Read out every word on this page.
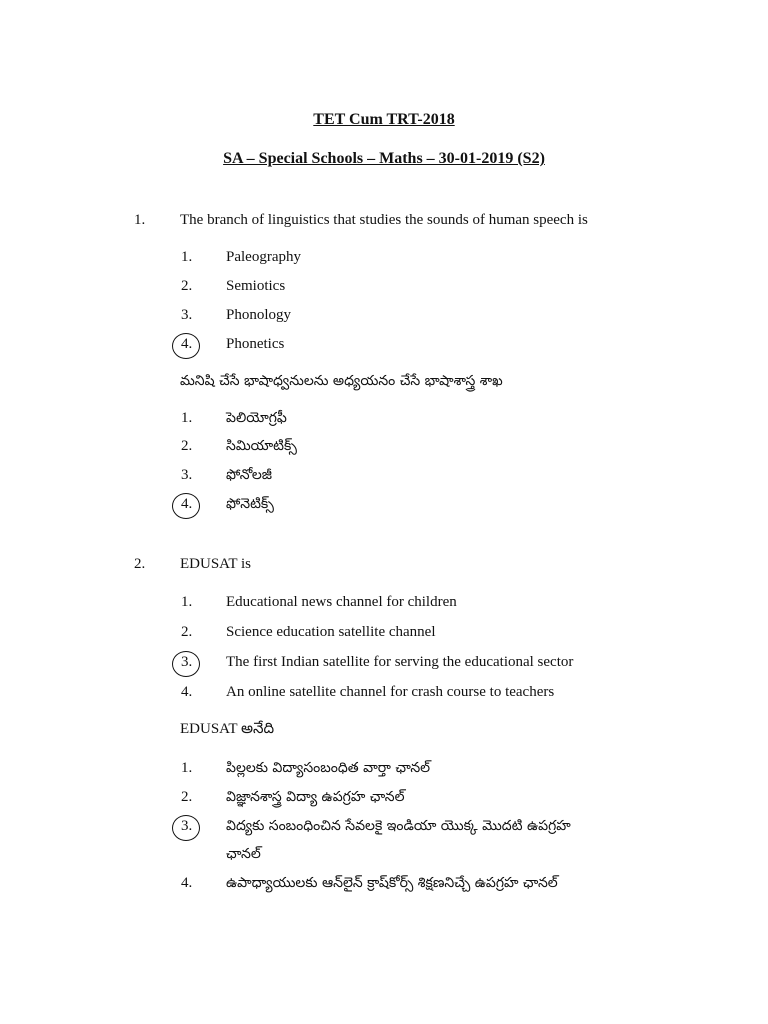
TET Cum TRT-2018
SA – Special Schools – Maths – 30-01-2019 (S2)
1. The branch of linguistics that studies the sounds of human speech is
1. Paleography
2. Semiotics
3. Phonology
4. Phonetics
మనిషి చేసే భాషాధ్వనులను అధ్యయనం చేసే భాషాశాస్త్ర శాఖ
1. పెలియోగ్రఫీ
2. సిమియాటిక్స్
3. ఫోనోలజీ
4. ఫోనెటిక్స్
2. EDUSAT is
1. Educational news channel for children
2. Science education satellite channel
3. The first Indian satellite for serving the educational sector
4. An online satellite channel for crash course to teachers
EDUSAT అనేది
1. పిల్లలకు విద్యాసంబంధిత వార్తా ఛానల్
2. విజ్ఞానశాస్త్ర విద్యా ఉపగ్రహ ఛానల్
3. విద్యకు సంబంధించిన సేవలకై ఇండియా యొక్క మొదటి ఉపగ్రహ
ఛానల్
4. ఉపాధ్యాయులకు ఆన్‌లైన్ క్రాష్‌కోర్స్ శిక్షణనిచ్చే ఉపగ్రహ ఛానల్
